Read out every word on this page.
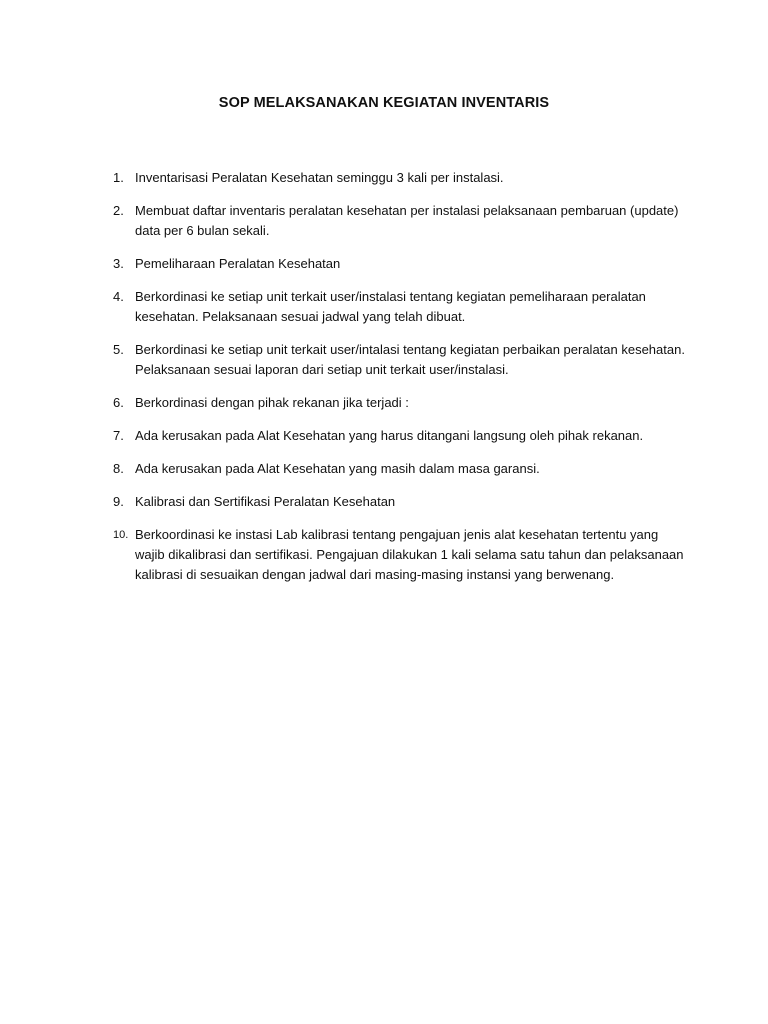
SOP MELAKSANAKAN KEGIATAN INVENTARIS
1. Inventarisasi Peralatan Kesehatan seminggu 3 kali per instalasi.
2. Membuat daftar inventaris peralatan kesehatan per instalasi pelaksanaan pembaruan (update) data per 6 bulan sekali.
3. Pemeliharaan Peralatan Kesehatan
4. Berkordinasi ke setiap unit terkait user/instalasi tentang kegiatan pemeliharaan peralatan kesehatan. Pelaksanaan sesuai jadwal yang telah dibuat.
5. Berkordinasi ke setiap unit terkait user/intalasi tentang kegiatan perbaikan peralatan kesehatan. Pelaksanaan sesuai laporan dari setiap unit terkait user/instalasi.
6. Berkordinasi dengan pihak rekanan jika terjadi :
7. Ada kerusakan pada Alat Kesehatan yang harus ditangani langsung oleh pihak rekanan.
8. Ada kerusakan pada Alat Kesehatan yang masih dalam masa garansi.
9. Kalibrasi dan Sertifikasi Peralatan Kesehatan
10. Berkoordinasi ke instasi Lab kalibrasi tentang pengajuan jenis alat kesehatan tertentu yang wajib dikalibrasi dan sertifikasi. Pengajuan dilakukan 1 kali selama satu tahun dan pelaksanaan kalibrasi di sesuaikan dengan jadwal dari masing-masing instansi yang berwenang.
